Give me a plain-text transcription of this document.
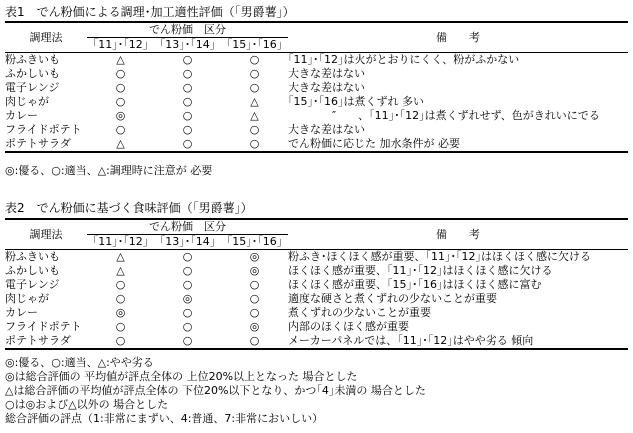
表1　でん粉価による調理･加工適性評価（｢男爵薯｣）
調理法	でん粉価　区分			備　　考
	｢11｣･｢12｣	｢13｣･｢14｣	｢15｣･｢16｣	
粉ふきいも	△	○	○	｢11｣･｢12｣は火がとおりにくく、粉がふかない
ふかしいも	○	○	○	大きな差はない
電子レンジ	○	○	○	大きな差はない
肉じゃが	○	○	△	｢15｣･｢16｣は煮くずれ 多い
カレー	◎	○	△	　　　　″　　、｢11｣･｢12｣は煮くずれせず、色がきれいにでる
フライドポテト	○	○	○	大きな差はない
ポテトサラダ	△	○	○	でん粉価に応じた 加水条件が 必要
◎:優る、○:適当、△:調理時に注意が 必要
表2　でん粉価に基づく食味評価（｢男爵薯｣）
調理法	でん粉価　区分			備　　考
	｢11｣･｢12｣	｢13｣･｢14｣	｢15｣･｢16｣	
粉ふきいも	△	○	◎	粉ふき･ほくほく感が重要、｢11｣･｢12｣はほくほく感に欠ける
ふかしいも	△	○	◎	ほくほく感が重要、｢11｣･｢12｣はほくほく感に欠ける
電子レンジ	○	○	○	ほくほく感が重要、｢15｣･｢16｣はほくほく感に富む
肉じゃが	○	◎	○	適度な硬さと煮くずれの少ないことが重要
カレー	◎	○	○	煮くずれの少ないことが重要
フライドポテト	○	○	◎	内部のほくほく感が重要
ポテトサラダ	○	○	○	メーカーパネルでは、｢11｣･｢12｣はやや劣る 傾向
◎:優る、○:適当、△:やや劣る
◎は総合評価の 平均値が評点全体の 上位20%以上となった 場合とした
△は総合評価の平均値が評点全体の 下位20%以下となり、かつ｢4｣未満の 場合とした
○は◎および△以外の 場合とした
総合評価の評点（1:非常にまずい、4:普通、7:非常においしい）
